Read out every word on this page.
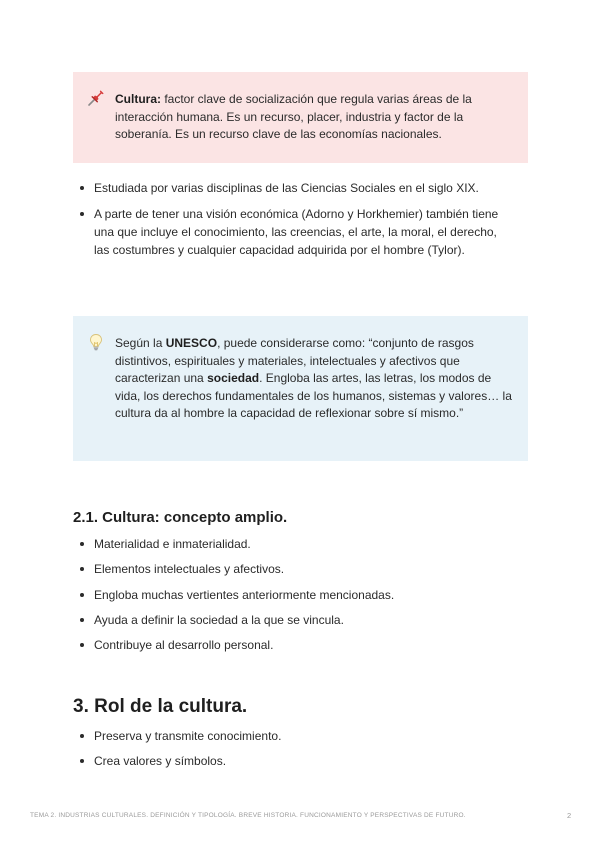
Cultura: factor clave de socialización que regula varias áreas de la interacción humana. Es un recurso, placer, industria y factor de la soberanía. Es un recurso clave de las economías nacionales.
Estudiada por varias disciplinas de las Ciencias Sociales en el siglo XIX.
A parte de tener una visión económica (Adorno y Horkhemier) también tiene una que incluye el conocimiento, las creencias, el arte, la moral, el derecho, las costumbres y cualquier capacidad adquirida por el hombre (Tylor).
Según la UNESCO, puede considerarse como: “conjunto de rasgos distintivos, espirituales y materiales, intelectuales y afectivos que caracterizan una sociedad. Engloba las artes, las letras, los modos de vida, los derechos fundamentales de los humanos, sistemas y valores… la cultura da al hombre la capacidad de reflexionar sobre sí mismo.”
2.1. Cultura: concepto amplio.
Materialidad e inmaterialidad.
Elementos intelectuales y afectivos.
Engloba muchas vertientes anteriormente mencionadas.
Ayuda a definir la sociedad a la que se vincula.
Contribuye al desarrollo personal.
3. Rol de la cultura.
Preserva y transmite conocimiento.
Crea valores y símbolos.
TEMA 2. INDUSTRIAS CULTURALES. DEFINICIÓN Y TIPOLOGÍA. BREVE HISTORIA. FUNCIONAMIENTO Y PERSPECTIVAS DE FUTURO.	2
